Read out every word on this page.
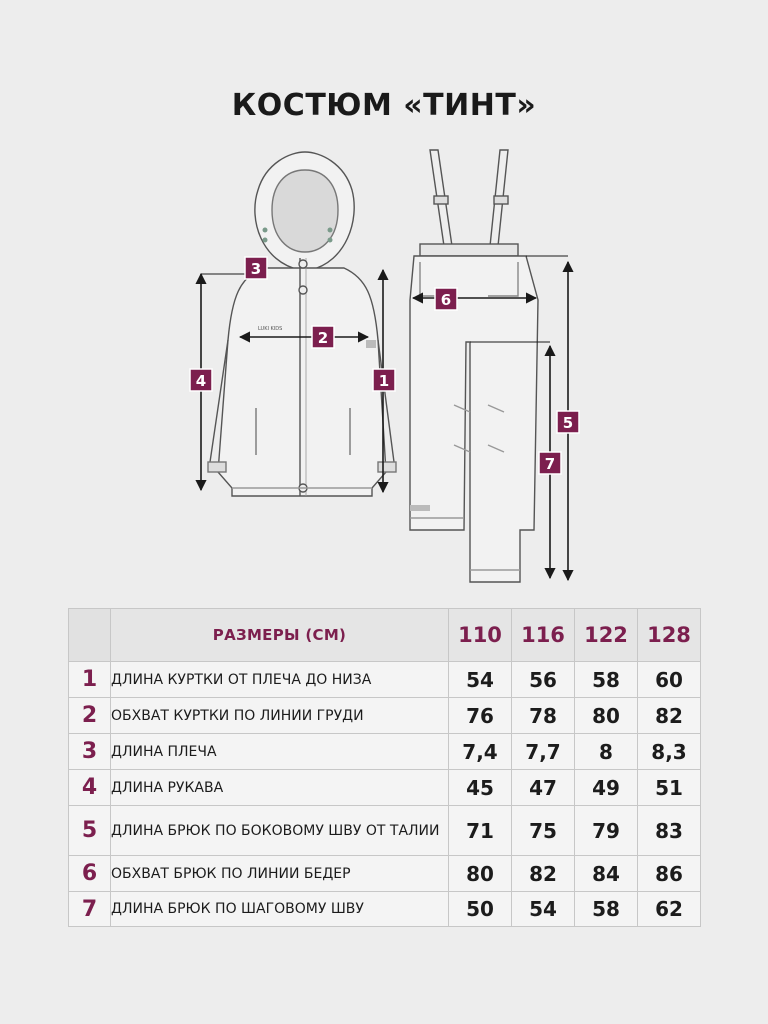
КОСТЮМ «ТИНТ»
LUKI KIDS
1
2
3
4
5
6
7
	РАЗМЕРЫ (СМ)	110	116	122	128
1	ДЛИНА КУРТКИ ОТ ПЛЕЧА ДО НИЗА	54	56	58	60
2	ОБХВАТ КУРТКИ ПО ЛИНИИ ГРУДИ	76	78	80	82
3	ДЛИНА ПЛЕЧА	7,4	7,7	8	8,3
4	ДЛИНА РУКАВА	45	47	49	51
5	ДЛИНА БРЮК ПО БОКОВОМУ ШВУ ОТ ТАЛИИ	71	75	79	83
6	ОБХВАТ БРЮК ПО ЛИНИИ БЕДЕР	80	82	84	86
7	ДЛИНА БРЮК ПО ШАГОВОМУ ШВУ	50	54	58	62
